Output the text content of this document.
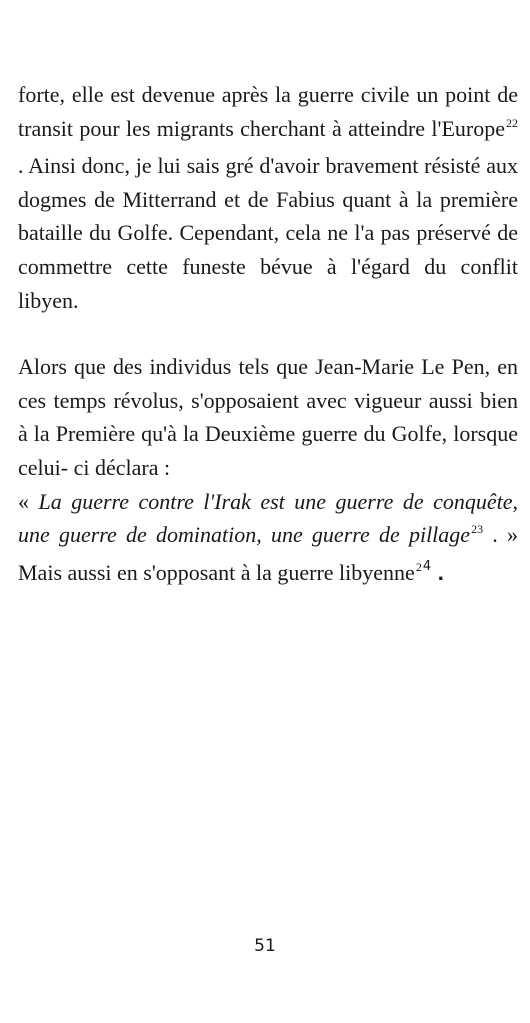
forte, elle est devenue après la guerre civile un point de transit pour les migrants cherchant à atteindre l'Europe$^{22}$ . Ainsi donc, je lui sais gré d'avoir bravement résisté aux dogmes de Mitterrand et de Fabius quant à la première bataille du Golfe. Cependant, cela ne l'a pas préservé de commettre cette funeste bévue à l'égard du conflit libyen.

Alors que des individus tels que Jean-Marie Le Pen, en ces temps révolus, s'opposaient avec vigueur aussi bien à la Première qu'à la Deuxième guerre du Golfe, lorsque celui- ci déclara :
« La guerre contre l'Irak est une guerre de conquête, une guerre de domination, une guerre de pillage$^{23}$ . » Mais aussi en s'opposant à la guerre libyenne$^{24}$ .

51
